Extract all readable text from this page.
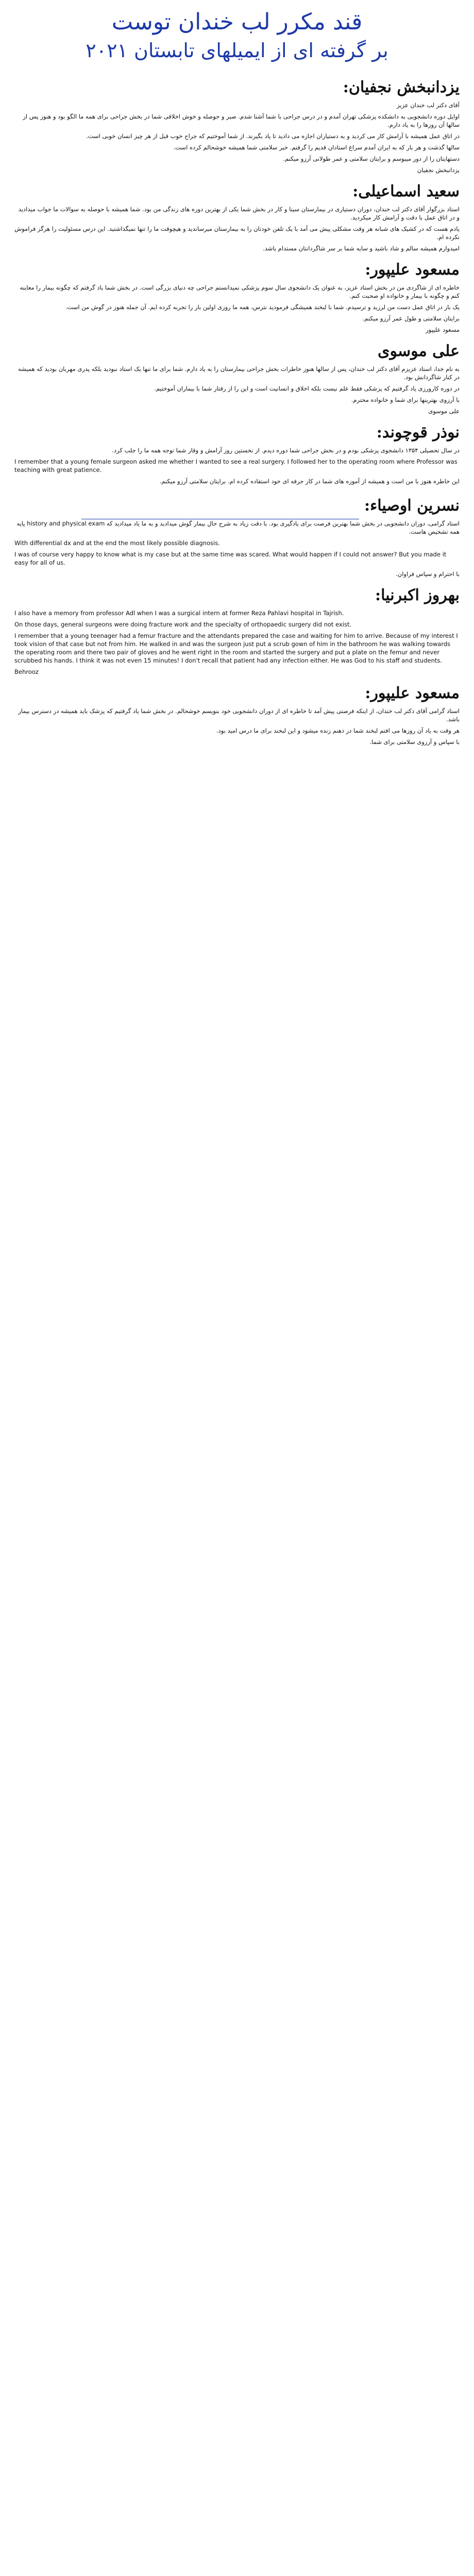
قند مکرر لب خندان توست
بر گرفته ای از ایمیلهای تابستان ۲۰۲۱
یزدانبخش نجفیان:

آقای دکتر لب خندان عزیز

اوایل دوره دانشجویی به دانشکده پزشکی تهران آمدم و در درس جراحی با شما آشنا شدم. صبر و حوصله و خوش اخلاقی شما در بخش جراحی برای همه ما الگو بود و هنوز پس از سالها آن روزها را به یاد دارم.

در اتاق عمل همیشه با آرامش کار می کردید و به دستیاران اجازه می دادید تا یاد بگیرند. از شما آموختیم که جراح خوب قبل از هر چیز انسان خوبی است.

سالها گذشت و هر بار که به ایران آمدم سراغ استادان قدیم را گرفتم. خبر سلامتی شما همیشه خوشحالم کرده است.

دستهایتان را از دور میبوسم و برایتان سلامتی و عمر طولانی آرزو میکنم.

یزدانبخش نجفیان

سعید اسماعیلی:

استاد بزرگوار آقای دکتر لب خندان، دوران دستیاری در بیمارستان سینا و کار در بخش شما یکی از بهترین دوره های زندگی من بود. شما همیشه با حوصله به سوالات ما جواب میدادید و در اتاق عمل با دقت و آرامش کار میکردید.

یادم هست که در کشیک های شبانه هر وقت مشکلی پیش می آمد با یک تلفن خودتان را به بیمارستان میرساندید و هیچوقت ما را تنها نمیگذاشتید. این درس مسئولیت را هرگز فراموش نکرده ام.

امیدوارم همیشه سالم و شاد باشید و سایه شما بر سر شاگردانتان مستدام باشد.

مسعود علیپور:

خاطره ای از شاگردی من در بخش استاد عزیز، به عنوان یک دانشجوی سال سوم پزشکی نمیدانستم جراحی چه دنیای بزرگی است. در بخش شما یاد گرفتم که چگونه بیمار را معاینه کنم و چگونه با بیمار و خانواده او صحبت کنم.

یک بار در اتاق عمل دست من لرزید و ترسیدم. شما با لبخند همیشگی فرمودید نترس، همه ما روزی اولین بار را تجربه کرده ایم. آن جمله هنوز در گوش من است.

برایتان سلامتی و طول عمر آرزو میکنم.

مسعود علیپور

علی موسوی

به نام خدا، استاد عزیزم آقای دکتر لب خندان، پس از سالها هنوز خاطرات بخش جراحی بیمارستان را به یاد دارم. شما برای ما تنها یک استاد نبودید بلکه پدری مهربان بودید که همیشه در کنار شاگردانش بود.

در دوره کارورزی یاد گرفتیم که پزشکی فقط علم نیست بلکه اخلاق و انسانیت است و این را از رفتار شما با بیماران آموختیم.

با آرزوی بهترینها برای شما و خانواده محترم.

علی موسوی

نوذر قوچوند:

در سال تحصیلی ۱۳۵۴ دانشجوی پزشکی بودم و در بخش جراحی شما دوره دیدم. از نخستین روز آرامش و وقار شما توجه همه ما را جلب کرد.

I remember that a young female surgeon asked me whether I wanted to see a real surgery. I followed her to the operating room where Professor was teaching with great patience.

این خاطره هنوز با من است و همیشه از آموزه های شما در کار حرفه ای خود استفاده کرده ام. برایتان سلامتی آرزو میکنم.

نسرین اوصیاء:

استاد گرامی، دوران دانشجویی در بخش شما بهترین فرصت برای یادگیری بود. با دقت زیاد به شرح حال بیمار گوش میدادید و به ما یاد میدادید که history and physical exam پایه همه تشخیص هاست.

With differential dx and at the end the most likely possible diagnosis.

I was of course very happy to know what is my case but at the same time was scared. What would happen if I could not answer? But you made it easy for all of us.

با احترام و سپاس فراوان.

بهروز اکبرنیا:

I also have a memory from professor Adl when I was a surgical intern at former Reza Pahlavi hospital in Tajrish.

On those days, general surgeons were doing fracture work and the specialty of orthopaedic surgery did not exist.

I remember that a young teenager had a femur fracture and the attendants prepared the case and waiting for him to arrive. Because of my interest I took vision of that case but not from him. He walked in and was the surgeon just put a scrub gown of him in the bathroom he was walking towards the operating room and there two pair of gloves and he went right in the room and started the surgery and put a plate on the femur and never scrubbed his hands. I think it was not even 15 minutes! I don't recall that patient had any infection either. He was God to his staff and students.

Behrooz

مسعود علیپور:

استاد گرامی آقای دکتر لب خندان، از اینکه فرصتی پیش آمد تا خاطره ای از دوران دانشجویی خود بنویسم خوشحالم. در بخش شما یاد گرفتیم که پزشک باید همیشه در دسترس بیمار باشد.

هر وقت به یاد آن روزها می افتم لبخند شما در ذهنم زنده میشود و این لبخند برای ما درس امید بود.

با سپاس و آرزوی سلامتی برای شما.
